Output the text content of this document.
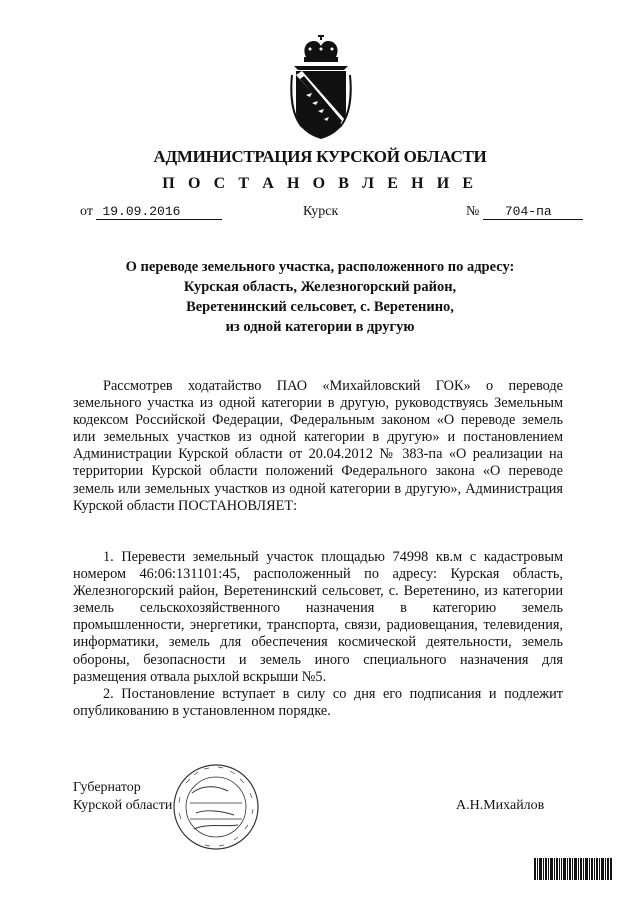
АДМИНИСТРАЦИЯ КУРСКОЙ ОБЛАСТИ
П О С Т А Н О В Л Е Н И Е
от 19.09.2016	Курск	№ 704-па
О переводе земельного участка, расположенного по адресу:
Курская область, Железногорский район,
Веретенинский сельсовет, с. Веретенино,
из одной категории в другую

Рассмотрев ходатайство ПАО «Михайловский ГОК» о переводе земельного участка из одной категории в другую, руководствуясь Земельным кодексом Российской Федерации, Федеральным законом «О переводе земель или земельных участков из одной категории в другую» и постановлением Администрации Курской области от 20.04.2012 № 383-па «О реализации на территории Курской области положений Федерального закона «О переводе земель или земельных участков из одной категории в другую», Администрация Курской области ПОСТАНОВЛЯЕТ:

1. Перевести земельный участок площадью 74998 кв.м с кадастровым номером 46:06:131101:45, расположенный по адресу: Курская область, Железногорский район, Веретенинский сельсовет, с. Веретенино, из категории земель сельскохозяйственного назначения в категорию земель промышленности, энергетики, транспорта, связи, радиовещания, телевидения, информатики, земель для обеспечения космической деятельности, земель обороны, безопасности и земель иного специального назначения для размещения отвала рыхлой вскрыши №5.

2. Постановление вступает в силу со дня его подписания и подлежит опубликованию в установленном порядке.

Губернатор
Курской области	А.Н.Михайлов
